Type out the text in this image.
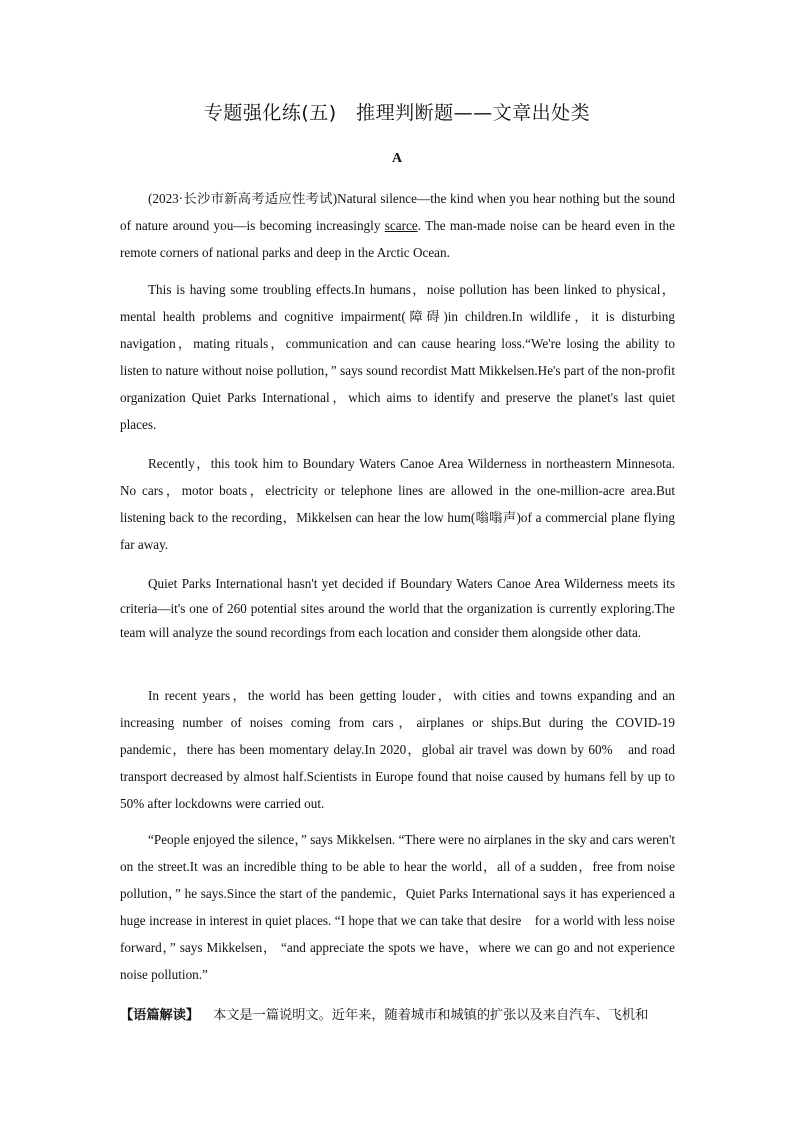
专题强化练(五)　推理判断题——文章出处类
A

(2023·长沙市新高考适应性考试)Natural silence—the kind when you hear nothing but the sound of nature around you—is becoming increasingly scarce. The man-made noise can be heard even in the remote corners of national parks and deep in the Arctic Ocean.

This is having some troubling effects.In humans，noise pollution has been linked to physical，mental health problems and cognitive impairment(障碍)in children.In wildlife，it is disturbing navigation，mating rituals，communication and can cause hearing loss.“We're losing the ability to listen to nature without noise pollution，” says sound recordist Matt Mikkelsen.He's part of the non-profit organization Quiet Parks International，which aims to identify and preserve the planet's last quiet places.

Recently，this took him to Boundary Waters Canoe Area Wilderness in northeastern Minnesota. No cars，motor boats，electricity or telephone lines are allowed in the one-million-acre area.But listening back to the recording，Mikkelsen can hear the low hum(嗡嗡声)of a commercial plane flying far away.

Quiet Parks International hasn't yet decided if Boundary Waters Canoe Area Wilderness meets its criteria—it's one of 260 potential sites around the world that the organization is currently exploring.The team will analyze the sound recordings from each location and consider them alongside other data.

In recent years，the world has been getting louder，with cities and towns expanding and an increasing number of noises coming from cars，airplanes or ships.But during the COVID-19 pandemic，there has been momentary delay.In 2020，global air travel was down by 60%　and road transport decreased by almost half.Scientists in Europe found that noise caused by humans fell by up to 50% after lockdowns were carried out.

“People enjoyed the silence，” says Mikkelsen. “There were no airplanes in the sky and cars weren't on the street.It was an incredible thing to be able to hear the world，all of a sudden，free from noise pollution，” he says.Since the start of the pandemic，Quiet Parks International says it has experienced a huge increase in interest in quiet places. “I hope that we can take that desire　for a world with less noise forward，” says Mikkelsen， “and appreciate the spots we have，where we can go and not experience noise pollution.”

【语篇解读】 本文是一篇说明文。近年来，随着城市和城镇的扩张以及来自汽车、飞机和
